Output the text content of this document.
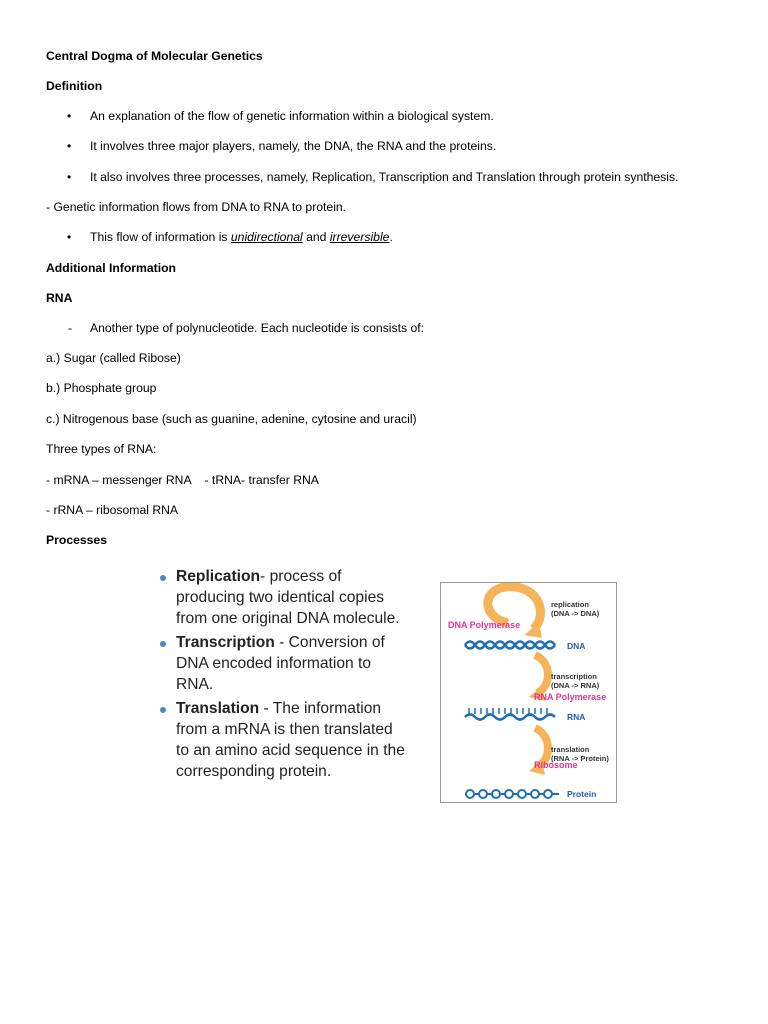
Central Dogma of Molecular Genetics
Definition
• An explanation of the flow of genetic information within a biological system.
• It involves three major players, namely, the DNA, the RNA and the proteins.
• It also involves three processes, namely, Replication, Transcription and Translation through protein synthesis.
- Genetic information flows from DNA to RNA to protein.
• This flow of information is unidirectional and irreversible.
Additional Information
RNA
- Another type of polynucleotide. Each nucleotide is consists of:
a.) Sugar (called Ribose)
b.) Phosphate group
c.) Nitrogenous base (such as guanine, adenine, cytosine and uracil)
Three types of RNA:
- mRNA – messenger RNA    - tRNA- transfer RNA
- rRNA – ribosomal RNA
Processes
Replication- process of
producing two identical copies
from one original DNA molecule.
Transcription - Conversion of
DNA encoded information to
RNA.
Translation - The information
from a mRNA is then translated
to an amino acid sequence in the
corresponding protein.
replication
(DNA -> DNA)
DNA Polymerase
DNA
transcription
(DNA -> RNA)
RNA Polymerase
RNA
translation
(RNA -> Protein)
Ribosome
Protein
